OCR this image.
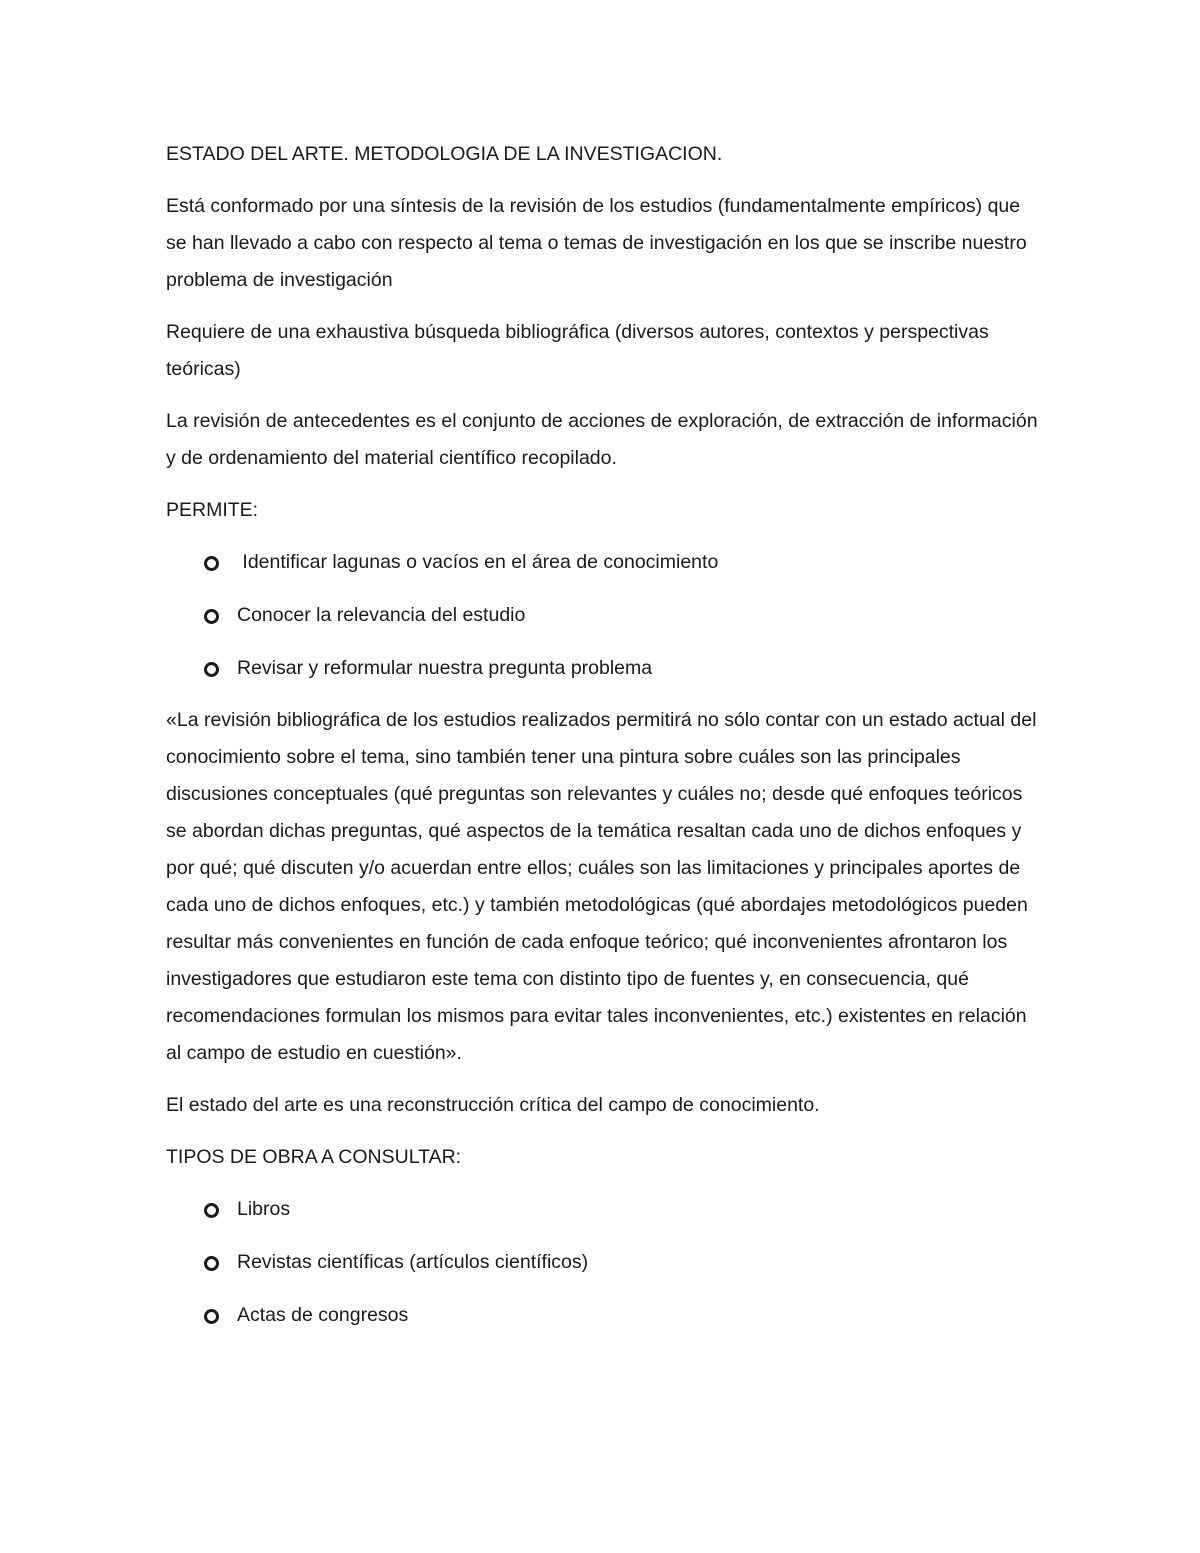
ESTADO DEL ARTE. METODOLOGIA DE LA INVESTIGACION.

Está conformado por una síntesis de la revisión de los estudios (fundamentalmente empíricos) que se han llevado a cabo con respecto al tema o temas de investigación en los que se inscribe nuestro problema de investigación

Requiere de una exhaustiva búsqueda bibliográfica (diversos autores, contextos y perspectivas teóricas)

La revisión de antecedentes es el conjunto de acciones de exploración, de extracción de información y de ordenamiento del material científico recopilado.

PERMITE:

Identificar lagunas o vacíos en el área de conocimiento
Conocer la relevancia del estudio
Revisar y reformular nuestra pregunta problema

«La revisión bibliográfica de los estudios realizados permitirá no sólo contar con un estado actual del conocimiento sobre el tema, sino también tener una pintura sobre cuáles son las principales discusiones conceptuales (qué preguntas son relevantes y cuáles no; desde qué enfoques teóricos se abordan dichas preguntas, qué aspectos de la temática resaltan cada uno de dichos enfoques y por qué; qué discuten y/o acuerdan entre ellos; cuáles son las limitaciones y principales aportes de cada uno de dichos enfoques, etc.) y también metodológicas (qué abordajes metodológicos pueden resultar más convenientes en función de cada enfoque teórico; qué inconvenientes afrontaron los investigadores que estudiaron este tema con distinto tipo de fuentes y, en consecuencia, qué recomendaciones formulan los mismos para evitar tales inconvenientes, etc.) existentes en relación al campo de estudio en cuestión».

El estado del arte es una reconstrucción crítica del campo de conocimiento.

TIPOS DE OBRA A CONSULTAR:

Libros
Revistas científicas (artículos científicos)
Actas de congresos
